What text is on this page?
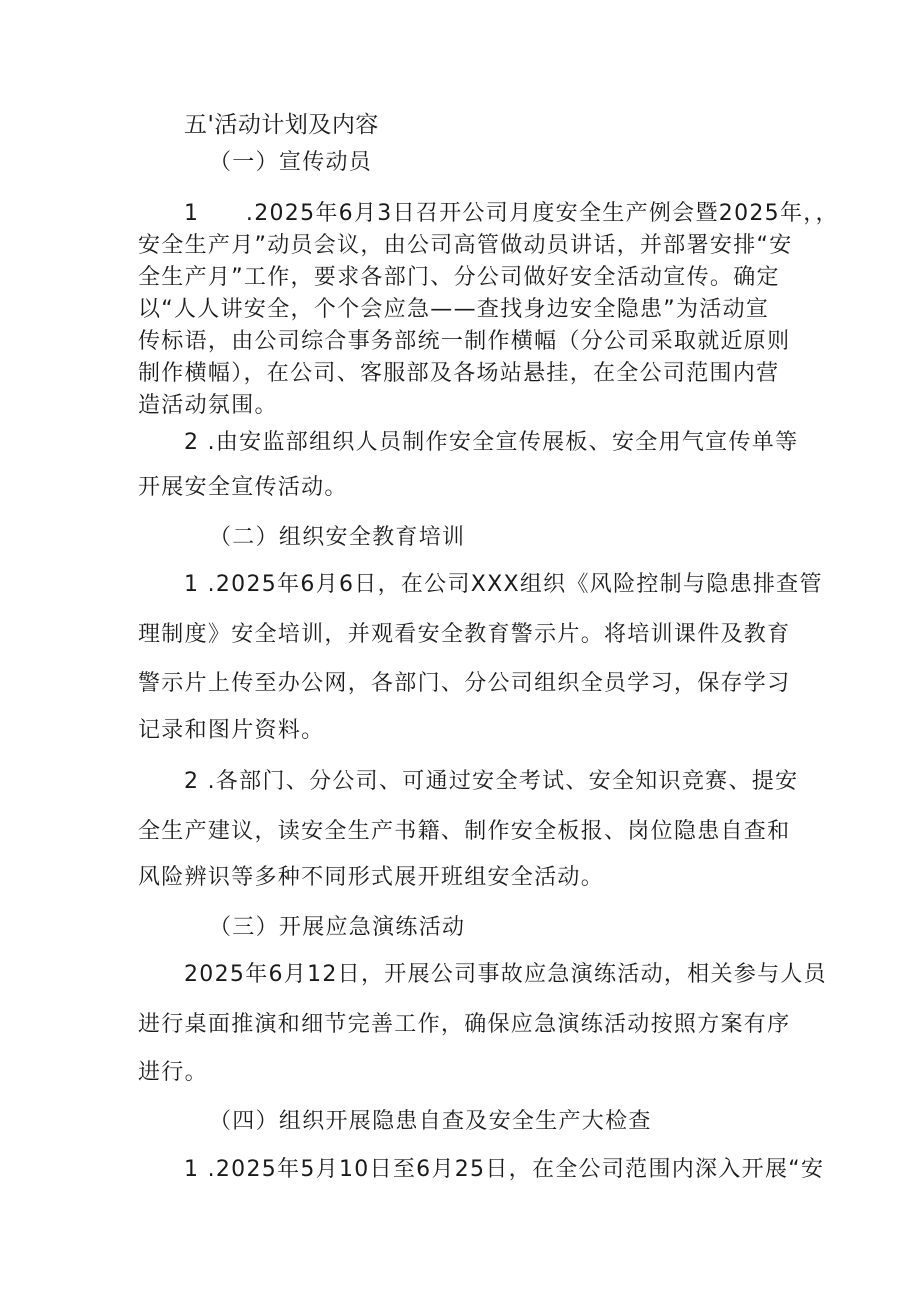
五'活动计划及内容

（一）宣传动员

1　　.2025年6月3日召开公司月度安全生产例会暨2025年，，

安全生产月”动员会议，由公司高管做动员讲话，并部署安排“安

全生产月”工作，要求各部门、分公司做好安全活动宣传。确定

以“人人讲安全，个个会应急——查找身边安全隐患”为活动宣

传标语，由公司综合事务部统一制作横幅（分公司采取就近原则

制作横幅），在公司、客服部及各场站悬挂，在全公司范围内营

造活动氛围。

2 .由安监部组织人员制作安全宣传展板、安全用气宣传单等

开展安全宣传活动。

（二）组织安全教育培训

1 .2025年6月6日，在公司XXX组织《风险控制与隐患排查管

理制度》安全培训，并观看安全教育警示片。将培训课件及教育

警示片上传至办公网，各部门、分公司组织全员学习，保存学习

记录和图片资料。

2 .各部门、分公司、可通过安全考试、安全知识竞赛、提安

全生产建议，读安全生产书籍、制作安全板报、岗位隐患自查和

风险辨识等多种不同形式展开班组安全活动。

（三）开展应急演练活动

2025年6月12日，开展公司事故应急演练活动，相关参与人员

进行桌面推演和细节完善工作，确保应急演练活动按照方案有序

进行。

（四）组织开展隐患自查及安全生产大检查

1 .2025年5月10日至6月25日，在全公司范围内深入开展“安
